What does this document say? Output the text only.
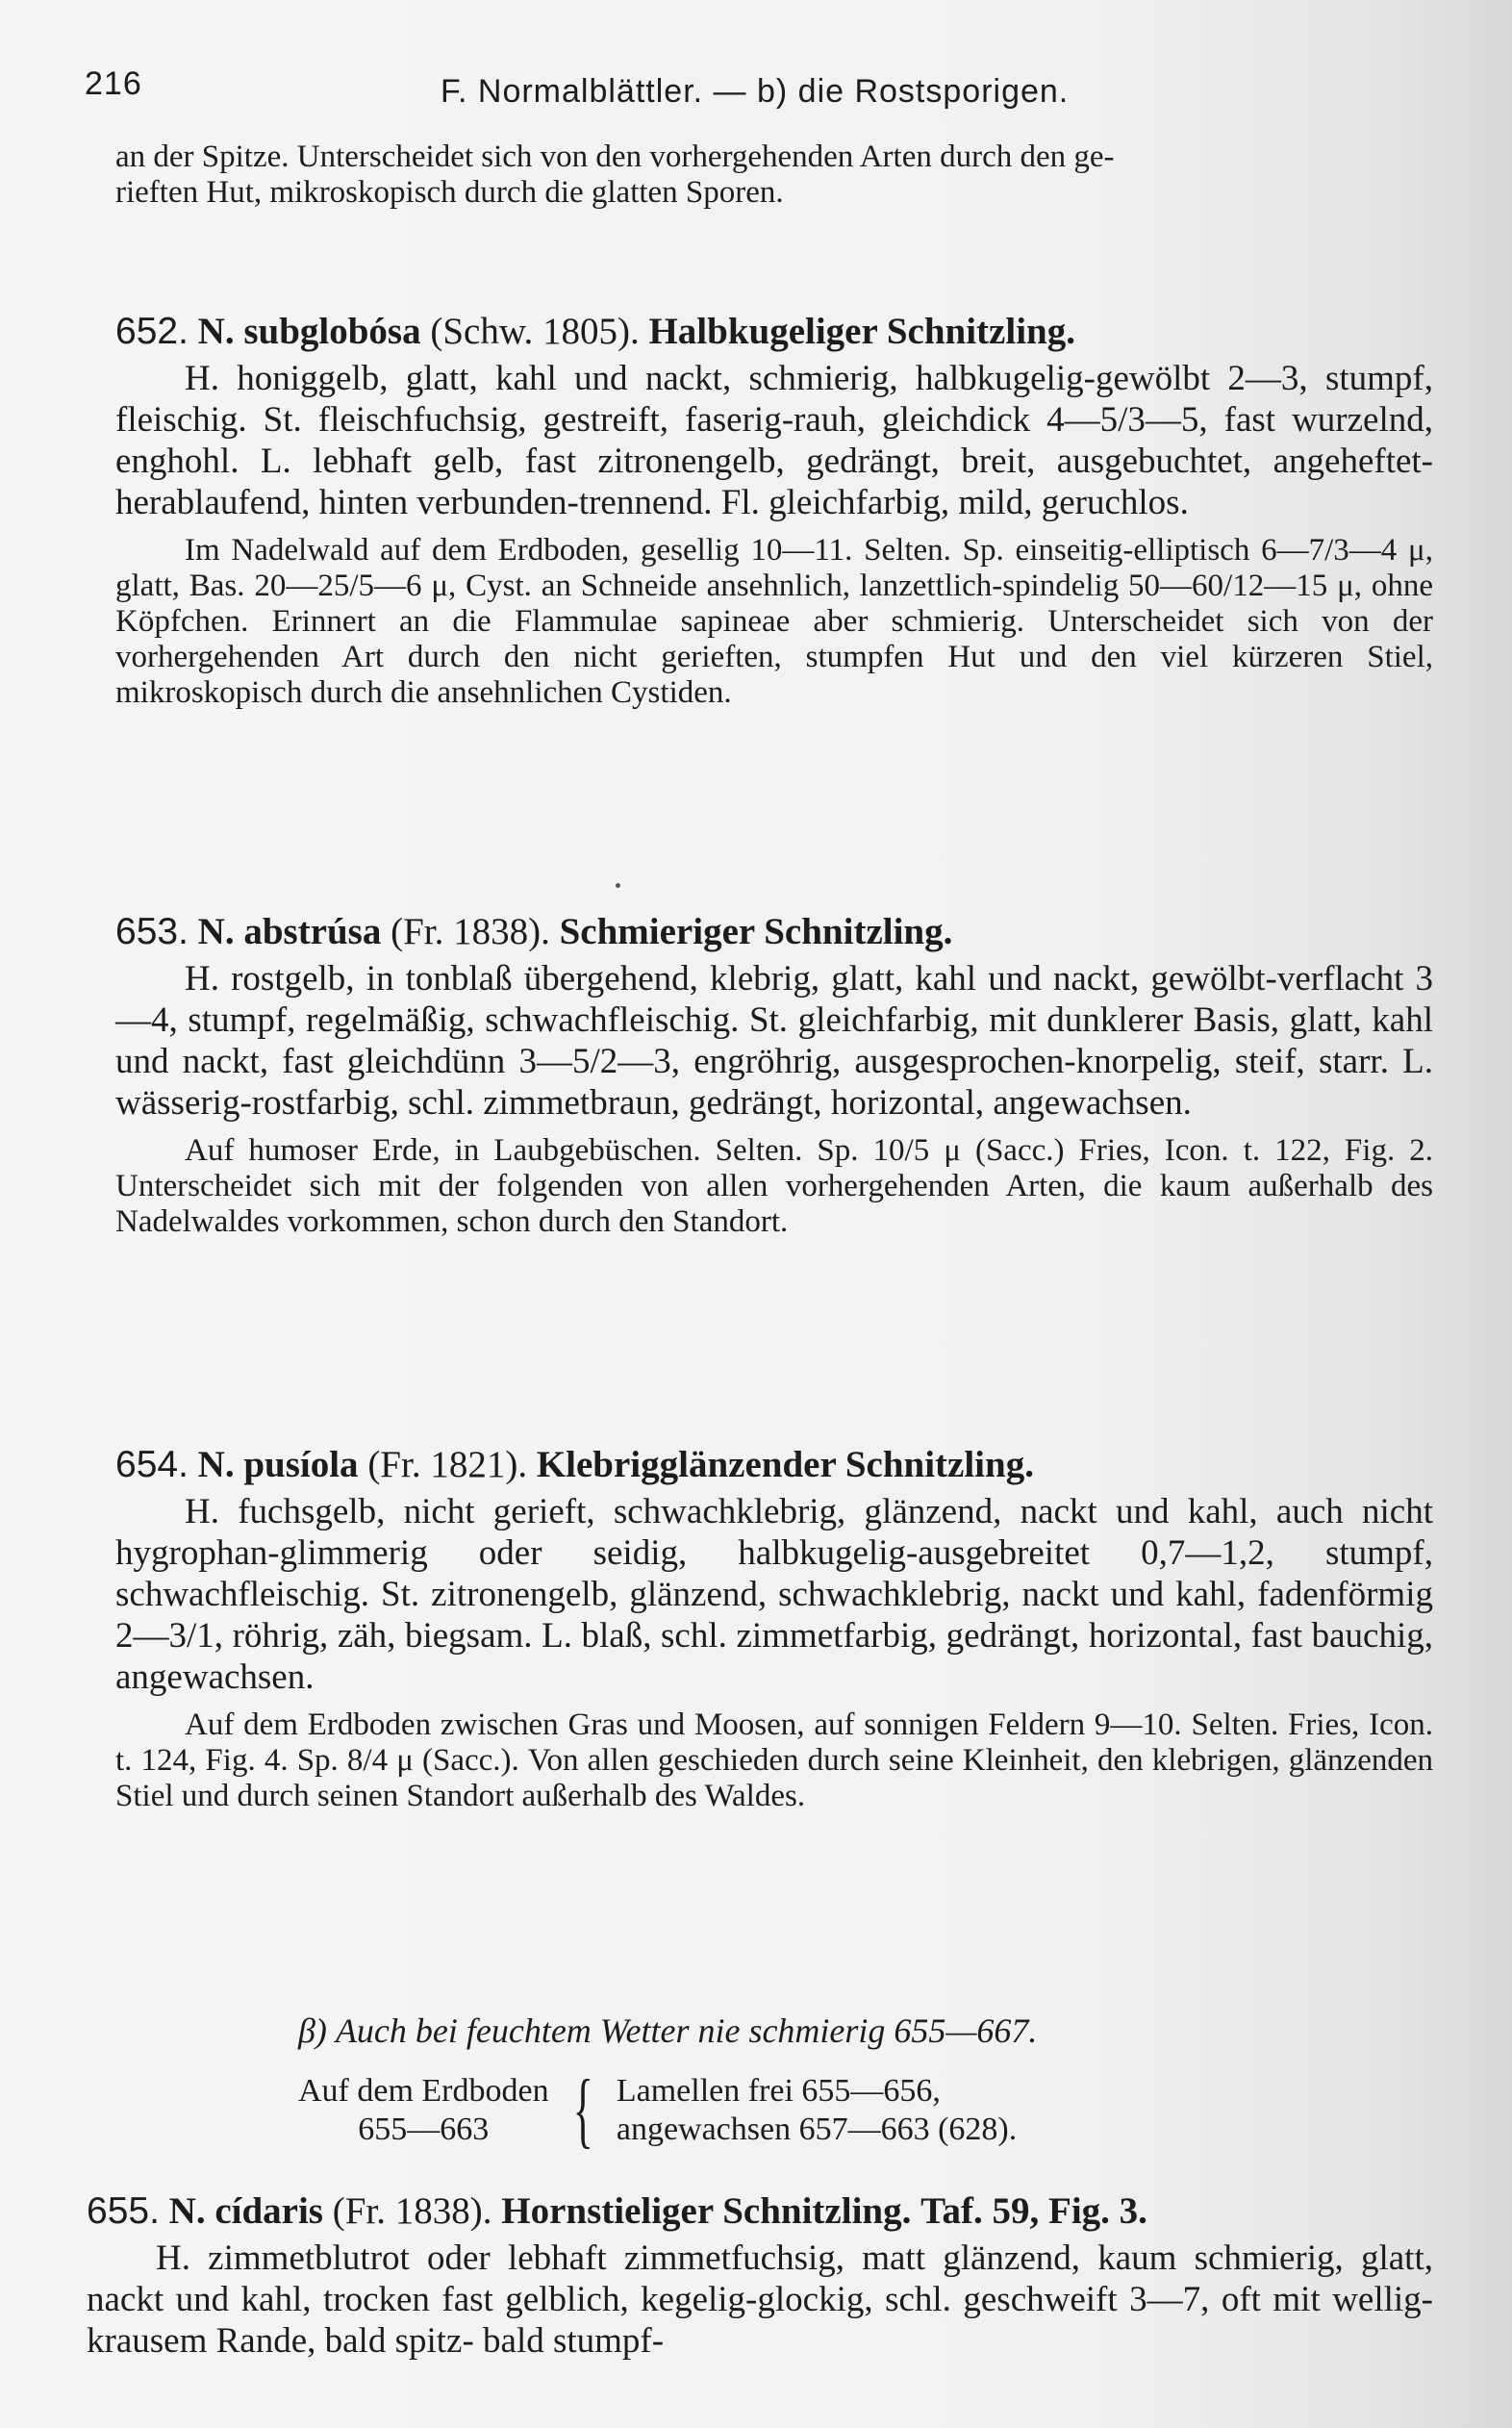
216	F. Normalblättler. — b) die Rostsporigen.

an der Spitze. Unterscheidet sich von den vorhergehenden Arten durch den ge-

rieften Hut, mikroskopisch durch die glatten Sporen.

652. N. subglobósa (Schw. 1805). Halbkugeliger Schnitzling.

H. honiggelb, glatt, kahl und nackt, schmierig, halbkugelig-gewölbt 2—3, stumpf, fleischig. St. fleischfuchsig, gestreift, faserig-rauh, gleichdick 4—5/3—5, fast wurzelnd, enghohl. L. lebhaft gelb, fast zitronengelb, gedrängt, breit, ausgebuchtet, angeheftet-herablaufend, hinten verbunden-trennend. Fl. gleichfarbig, mild, geruchlos.

Im Nadelwald auf dem Erdboden, gesellig 10—11. Selten. Sp. einseitig-elliptisch 6—7/3—4 μ, glatt, Bas. 20—25/5—6 μ, Cyst. an Schneide ansehnlich, lanzettlich-spindelig 50—60/12—15 μ, ohne Köpfchen. Erinnert an die Flammulae sapineae aber schmierig. Unterscheidet sich von der vorhergehenden Art durch den nicht gerieften, stumpfen Hut und den viel kürzeren Stiel, mikroskopisch durch die ansehnlichen Cystiden.

653. N. abstrúsa (Fr. 1838). Schmieriger Schnitzling.

H. rostgelb, in tonblaß übergehend, klebrig, glatt, kahl und nackt, gewölbt-verflacht 3—4, stumpf, regelmäßig, schwachfleischig. St. gleichfarbig, mit dunklerer Basis, glatt, kahl und nackt, fast gleichdünn 3—5/2—3, engröhrig, ausgesprochen-knorpelig, steif, starr. L. wässerig-rostfarbig, schl. zimmetbraun, gedrängt, horizontal, angewachsen.

Auf humoser Erde, in Laubgebüschen. Selten. Sp. 10/5 μ (Sacc.) Fries, Icon. t. 122, Fig. 2. Unterscheidet sich mit der folgenden von allen vorhergehenden Arten, die kaum außerhalb des Nadelwaldes vorkommen, schon durch den Standort.

654. N. pusíola (Fr. 1821). Klebrigglänzender Schnitzling.

H. fuchsgelb, nicht gerieft, schwachklebrig, glänzend, nackt und kahl, auch nicht hygrophan-glimmerig oder seidig, halbkugelig-ausgebreitet 0,7—1,2, stumpf, schwachfleischig. St. zitronengelb, glänzend, schwachklebrig, nackt und kahl, fadenförmig 2—3/1, röhrig, zäh, biegsam. L. blaß, schl. zimmetfarbig, gedrängt, horizontal, fast bauchig, angewachsen.

Auf dem Erdboden zwischen Gras und Moosen, auf sonnigen Feldern 9—10. Selten. Fries, Icon. t. 124, Fig. 4. Sp. 8/4 μ (Sacc.). Von allen geschieden durch seine Kleinheit, den klebrigen, glänzenden Stiel und durch seinen Standort außerhalb des Waldes.

β) Auch bei feuchtem Wetter nie schmierig 655—667.

Auf dem Erdboden
655—663 { Lamellen frei 655—656,
angewachsen 657—663 (628).

655. N. cídaris (Fr. 1838). Hornstieliger Schnitzling. Taf. 59, Fig. 3.

H. zimmetblutrot oder lebhaft zimmetfuchsig, matt glänzend, kaum schmierig, glatt, nackt und kahl, trocken fast gelblich, kegelig-glockig, schl. geschweift 3—7, oft mit wellig-krausem Rande, bald spitz- bald stumpf-
